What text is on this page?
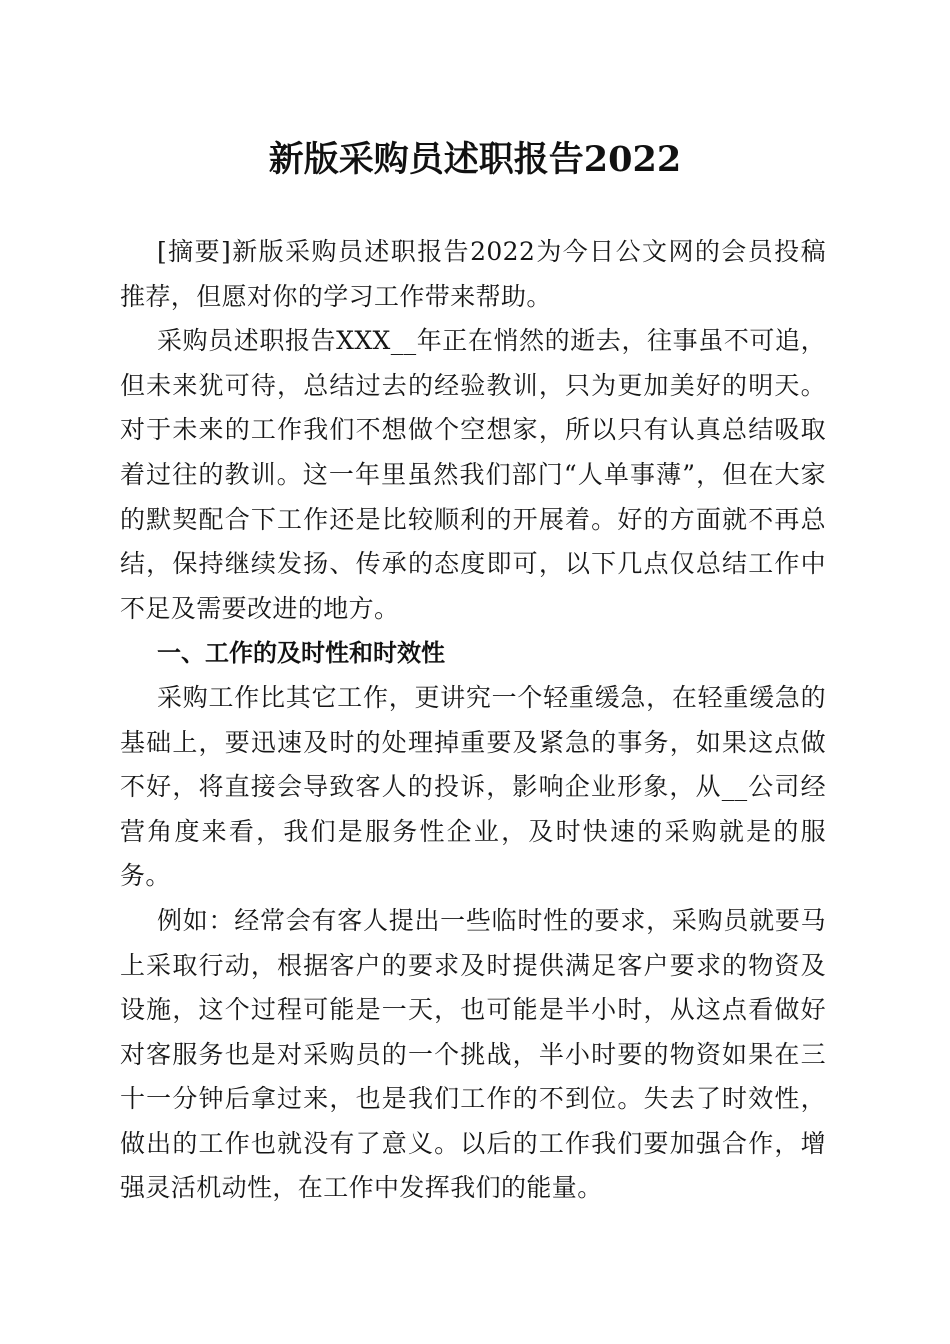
新版采购员述职报告2022

[摘要]新版采购员述职报告2022为今日公文网的会员投稿推荐，但愿对你的学习工作带来帮助。

采购员述职报告XXX__年正在悄然的逝去，往事虽不可追，但未来犹可待，总结过去的经验教训，只为更加美好的明天。对于未来的工作我们不想做个空想家，所以只有认真总结吸取着过往的教训。这一年里虽然我们部门“人单事薄”，但在大家的默契配合下工作还是比较顺利的开展着。好的方面就不再总结，保持继续发扬、传承的态度即可，以下几点仅总结工作中不足及需要改进的地方。

一、工作的及时性和时效性

采购工作比其它工作，更讲究一个轻重缓急，在轻重缓急的基础上，要迅速及时的处理掉重要及紧急的事务，如果这点做不好，将直接会导致客人的投诉，影响企业形象，从__公司经营角度来看，我们是服务性企业，及时快速的采购就是的服务。

例如：经常会有客人提出一些临时性的要求，采购员就要马上采取行动，根据客户的要求及时提供满足客户要求的物资及设施，这个过程可能是一天，也可能是半小时，从这点看做好对客服务也是对采购员的一个挑战，半小时要的物资如果在三十一分钟后拿过来，也是我们工作的不到位。失去了时效性，做出的工作也就没有了意义。以后的工作我们要加强合作，增强灵活机动性，在工作中发挥我们的能量。
